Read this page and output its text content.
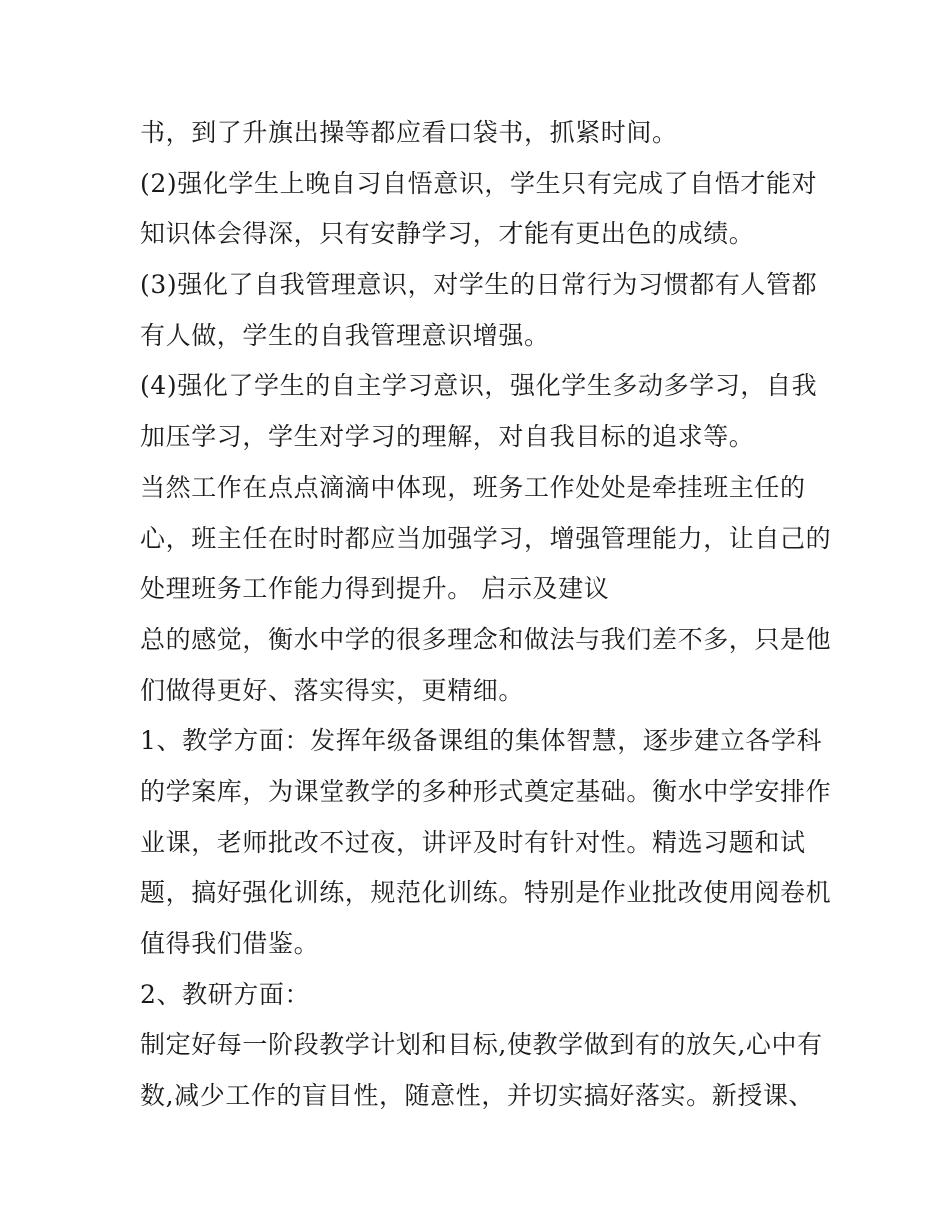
书，到了升旗出操等都应看口袋书，抓紧时间。
(2)强化学生上晚自习自悟意识，学生只有完成了自悟才能对
知识体会得深，只有安静学习，才能有更出色的成绩。
(3)强化了自我管理意识，对学生的日常行为习惯都有人管都
有人做，学生的自我管理意识增强。
(4)强化了学生的自主学习意识，强化学生多动多学习，自我
加压学习，学生对学习的理解，对自我目标的追求等。
当然工作在点点滴滴中体现，班务工作处处是牵挂班主任的
心，班主任在时时都应当加强学习，增强管理能力，让自己的
处理班务工作能力得到提升。 启示及建议
总的感觉，衡水中学的很多理念和做法与我们差不多，只是他
们做得更好、落实得实，更精细。
1、教学方面：发挥年级备课组的集体智慧，逐步建立各学科
的学案库，为课堂教学的多种形式奠定基础。衡水中学安排作
业课，老师批改不过夜，讲评及时有针对性。精选习题和试
题，搞好强化训练，规范化训练。特别是作业批改使用阅卷机
值得我们借鉴。
2、教研方面：
制定好每一阶段教学计划和目标,使教学做到有的放矢,心中有
数,减少工作的盲目性，随意性，并切实搞好落实。新授课、
